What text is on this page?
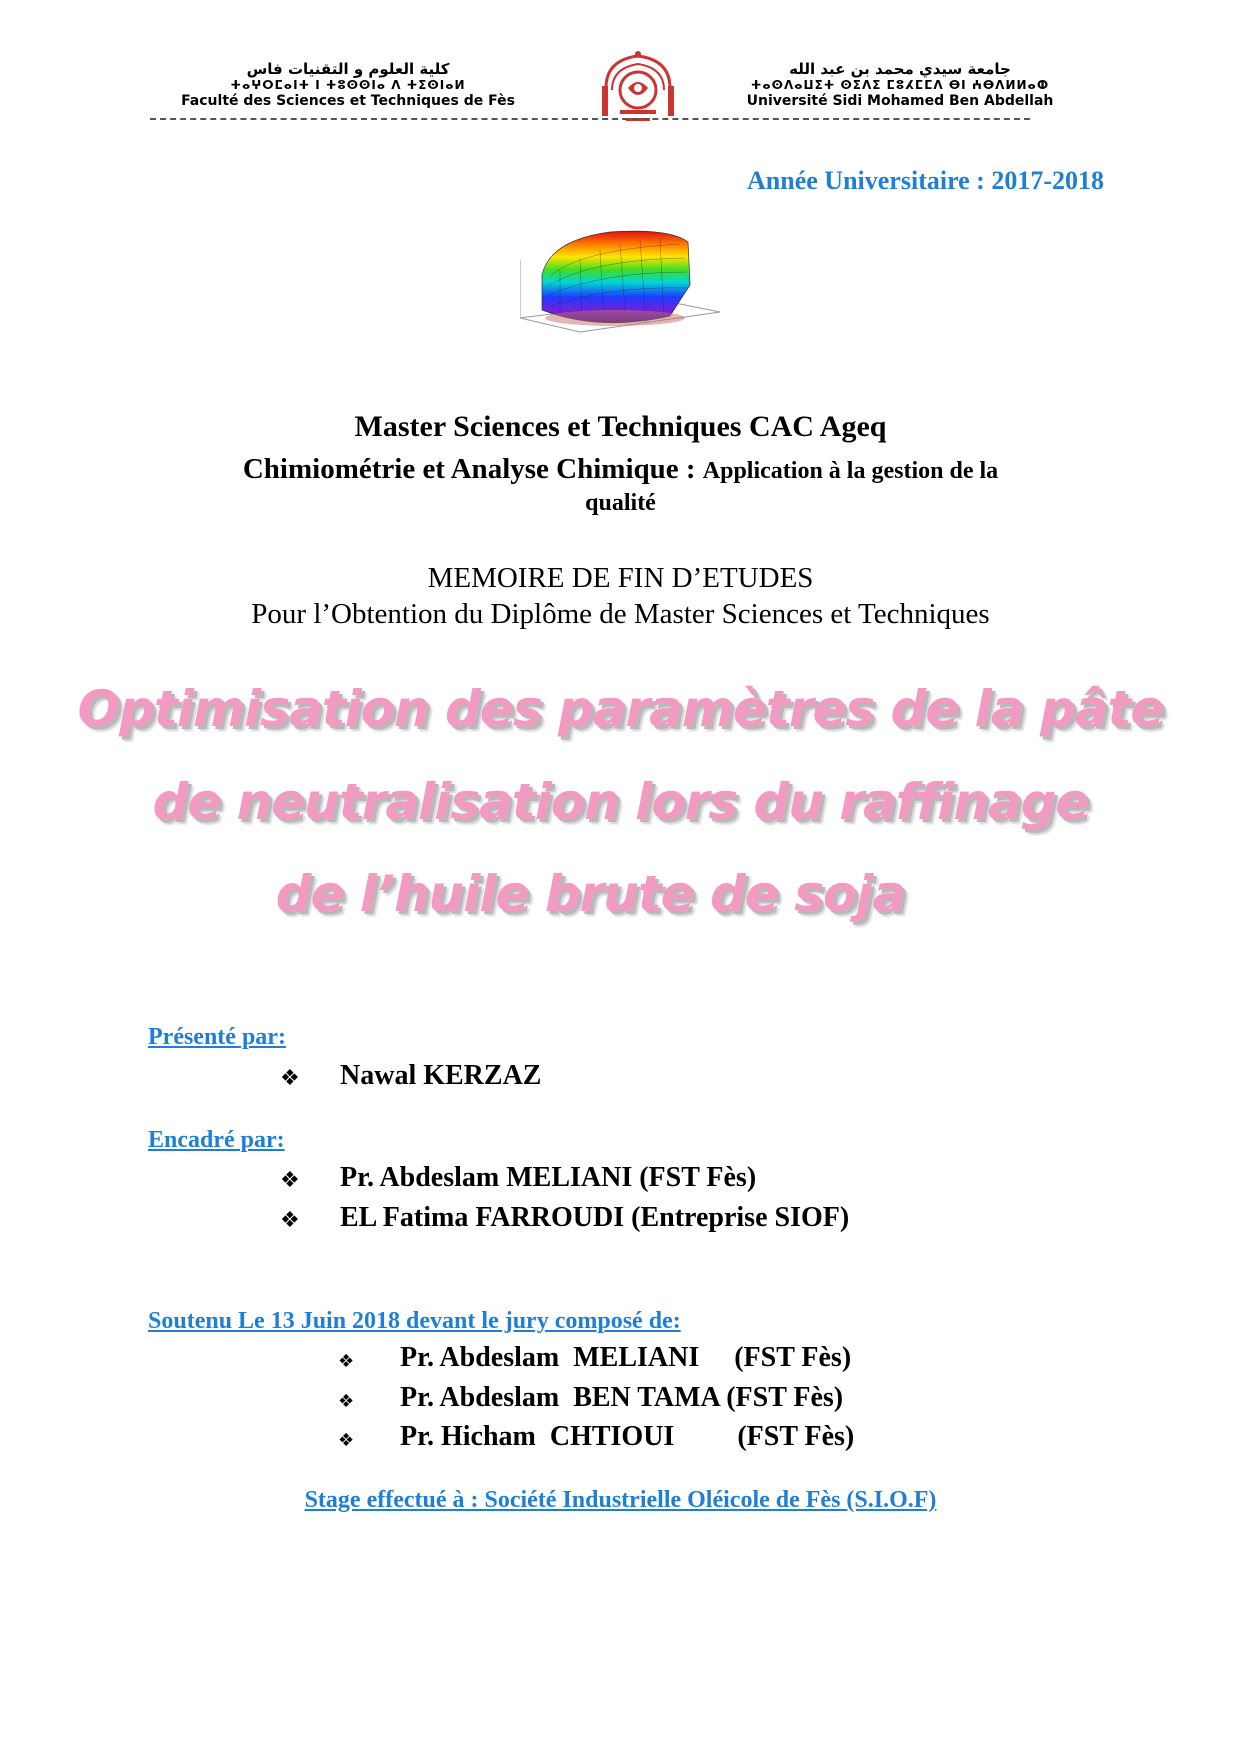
كلية العلوم و التقنيات فاس
ⵜⴰⵖⵔⵎⴰⵏⵜ ⵏ ⵜⵓⵙⵙⵏⴰ ⴷ ⵜⵉⵙⵏⴰⵍ
Faculté des Sciences et Techniques de Fès
جامعة سيدي محمد بن عبد الله
ⵜⴰⵙⴷⴰⵡⵉⵜ ⵙⵉⴷⵉ ⵎⵓⵃⵎⵎⴷ ⴱⵏ ⵄⴱⴷⵍⵍⴰⵀ
Université Sidi Mohamed Ben Abdellah
Année Universitaire : 2017-2018
Master Sciences et Techniques CAC Ageq
Chimiométrie et Analyse Chimique : Application à la gestion de la
qualité
MEMOIRE DE FIN D’ETUDES
Pour l’Obtention du Diplôme de Master Sciences et Techniques
Optimisation des paramètres de la pâte
de neutralisation lors du raffinage
de l’huile brute de soja
Présenté par:
❖ Nawal KERZAZ
Encadré par:
❖ Pr. Abdeslam MELIANI (FST Fès)
❖ EL Fatima FARROUDI (Entreprise SIOF)
Soutenu Le 13 Juin 2018 devant le jury composé de:
❖ Pr. Abdeslam  MELIANI     (FST Fès)
❖ Pr. Abdeslam  BEN TAMA (FST Fès)
❖ Pr. Hicham  CHTIOUI         (FST Fès)
Stage effectué à : Société Industrielle Oléicole de Fès (S.I.O.F)
